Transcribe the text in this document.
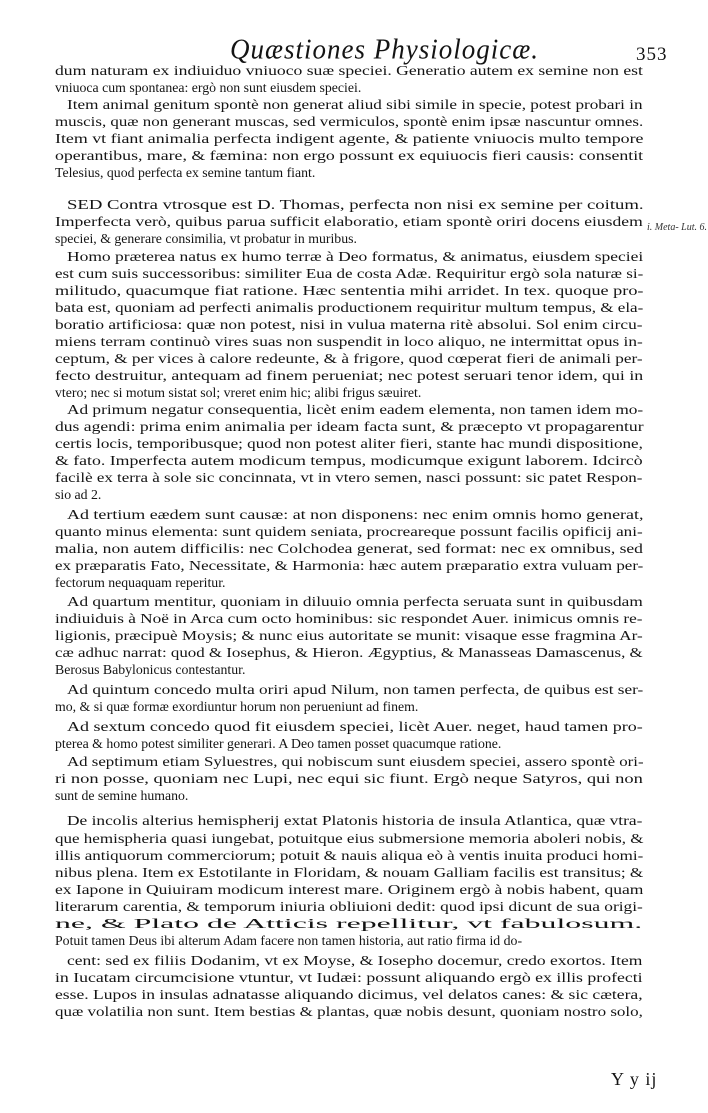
Quæstiones Physiologicæ.	353
dum naturam ex indiuiduo vniuoco suæ speciei. Generatio autem ex semine non est
vniuoca cum spontanea: ergò non sunt eiusdem speciei.
Item animal genitum spontè non generat aliud sibi simile in specie, potest probari in
muscis, quæ non generant muscas, sed vermiculos, spontè enim ipsæ nascuntur omnes.
Item vt fiant animalia perfecta indigent agente, & patiente vniuocis multo tempore
operantibus, mare, & fæmina: non ergo possunt ex equiuocis fieri causis: consentit
Telesius, quod perfecta ex semine tantum fiant.
SED Contra vtrosque est D. Thomas, perfecta non nisi ex semine per coitum.
Imperfecta verò, quibus parua sufficit elaboratio, etiam spontè oriri docens eiusdem
speciei, & generare consimilia, vt probatur in muribus.
Homo præterea natus ex humo terræ à Deo formatus, & animatus, eiusdem speciei
est cum suis successoribus: similiter Eua de costa Adæ. Requiritur ergò sola naturæ si-
militudo, quacumque fiat ratione. Hæc sententia mihi arridet. In tex. quoque pro-
bata est, quoniam ad perfecti animalis productionem requiritur multum tempus, & ela-
boratio artificiosa: quæ non potest, nisi in vulua materna ritè absolui. Sol enim circu-
miens terram continuò vires suas non suspendit in loco aliquo, ne intermittat opus in-
ceptum, & per vices à calore redeunte, & à frigore, quod cœperat fieri de animali per-
fecto destruitur, antequam ad finem perueniat; nec potest seruari tenor idem, qui in
vtero; nec si motum sistat sol; vreret enim hic; alibi frigus sæuiret.
Ad primum negatur consequentia, licèt enim eadem elementa, non tamen idem mo-
dus agendi: prima enim animalia per ideam facta sunt, & præcepto vt propagarentur
certis locis, temporibusque; quod non potest aliter fieri, stante hac mundi dispositione,
& fato. Imperfecta autem modicum tempus, modicumque exigunt laborem. Idcircò
facilè ex terra à sole sic concinnata, vt in vtero semen, nasci possunt: sic patet Respon-
sio ad 2.
Ad tertium eædem sunt causæ: at non disponens: nec enim omnis homo generat,
quanto minus elementa: sunt quidem seniata, procreareque possunt facilis opificij ani-
malia, non autem difficilis: nec Colchodea generat, sed format: nec ex omnibus, sed
ex præparatis Fato, Necessitate, & Harmonia: hæc autem præparatio extra vuluam per-
fectorum nequaquam reperitur.
Ad quartum mentitur, quoniam in diluuio omnia perfecta seruata sunt in quibusdam
indiuiduis à Noë in Arca cum octo hominibus: sic respondet Auer. inimicus omnis re-
ligionis, præcipuè Moysis; & nunc eius autoritate se munit: visaque esse fragmina Ar-
cæ adhuc narrat: quod & Iosephus, & Hieron. Ægyptius, & Manasseas Damascenus, &
Berosus Babylonicus contestantur.
Ad quintum concedo multa oriri apud Nilum, non tamen perfecta, de quibus est ser-
mo, & si quæ formæ exordiuntur horum non perueniunt ad finem.
Ad sextum concedo quod fit eiusdem speciei, licèt Auer. neget, haud tamen pro-
pterea & homo potest similiter generari. A Deo tamen posset quacumque ratione.
Ad septimum etiam Syluestres, qui nobiscum sunt eiusdem speciei, assero spontè ori-
ri non posse, quoniam nec Lupi, nec equi sic fiunt. Ergò neque Satyros, qui non
sunt de semine humano.
De incolis alterius hemispherij extat Platonis historia de insula Atlantica, quæ vtra-
que hemispheria quasi iungebat, potuitque eius submersione memoria aboleri nobis, &
illis antiquorum commerciorum; potuit & nauis aliqua eò à ventis inuita produci homi-
nibus plena. Item ex Estotilante in Floridam, & nouam Galliam facilis est transitus; &
ex Iapone in Quiuiram modicum interest mare. Originem ergò à nobis habent, quam
literarum carentia, & temporum iniuria obliuioni dedit: quod ipsi dicunt de sua origi-
ne, & Plato de Atticis repellitur, vt fabulosum.
Potuit tamen Deus ibi alterum Adam facere non tamen historia, aut ratio firma id do-
cent: sed ex filiis Dodanim, vt ex Moyse, & Iosepho docemur, credo exortos. Item
in Iucatam circumcisione vtuntur, vt Iudæi: possunt aliquando ergò ex illis profecti
esse. Lupos in insulas adnatasse aliquando dicimus, vel delatos canes: & sic cætera,
quæ volatilia non sunt. Item bestias & plantas, quæ nobis desunt, quoniam nostro solo,
i. Meta- Lut. 6.
Y y ij
